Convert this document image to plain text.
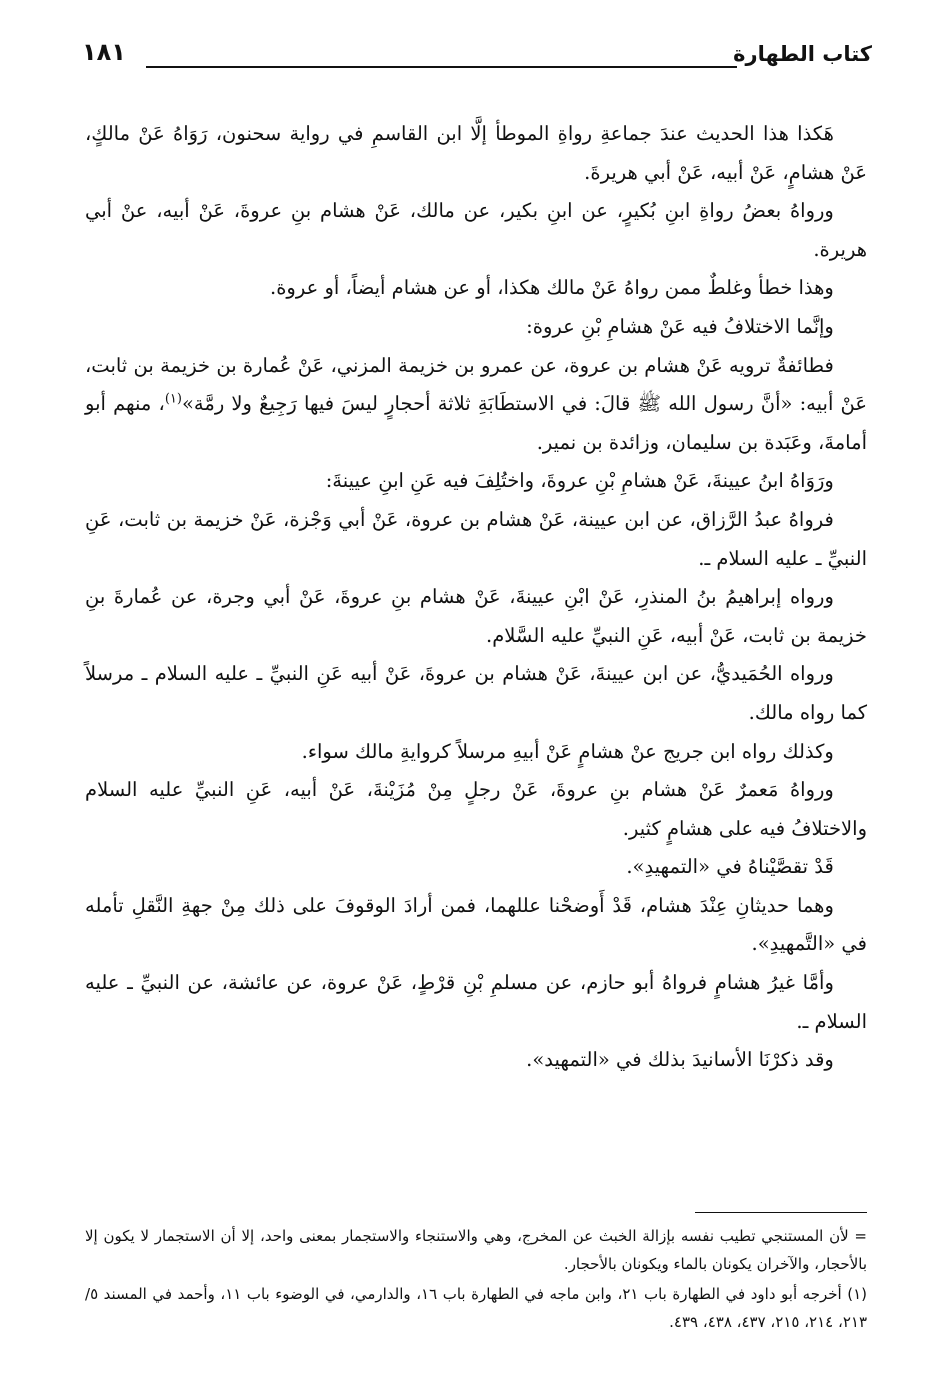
كتاب الطهارة
١٨١

هَكذا هذا الحديث عندَ جماعةِ رواةِ الموطأ إلَّا ابن القاسمِ في رواية سحنون، رَوَاهُ عَنْ مالكٍ، عَنْ هشامٍ، عَنْ أبيه، عَنْ أبي هريرةَ.

ورواهُ بعضُ رواةِ ابنِ بُكيرٍ، عن ابنِ بكير، عن مالك، عَنْ هشام بنِ عروةَ، عَنْ أبيه، عنْ أبي هريرة.

وهذا خطأ وغلطٌ ممن رواهُ عَنْ مالك هكذا، أو عن هشام أيضاً، أو عروة.

وإنَّما الاختلافُ فيه عَنْ هشامِ بْنِ عروة:

فطائفةٌ ترويه عَنْ هشام بن عروة، عن عمرو بن خزيمة المزني، عَنْ عُمارة بن خزيمة بن ثابت، عَنْ أبيه: «أنَّ رسول الله ﷺ قالَ: في الاستطَابَةِ ثلاثة أحجارٍ ليسَ فيها رَجِيعٌ ولا رمَّة»$^{(١)}$، منهم أبو أمامةَ، وعَبَدة بن سليمان، وزائدة بن نمير.

ورَوَاهُ ابنُ عيينةَ، عَنْ هشامِ بْنِ عروةَ، واختُلِفَ فيه عَنِ ابنِ عيينةَ:

فرواهُ عبدُ الرَّزاق، عن ابن عيينة، عَنْ هشام بن عروة، عَنْ أبي وَجْزة، عَنْ خزيمة بن ثابت، عَنِ النبيِّ ـ عليه السلام ـ.

ورواه إبراهيمُ بنُ المنذرِ، عَنْ ابْنِ عيينةَ، عَنْ هشام بنِ عروةَ، عَنْ أبي وجرة، عن عُمارةَ بنِ خزيمة بن ثابت، عَنْ أبيه، عَنِ النبيِّ عليه السَّلام.

ورواه الحُمَيديُّ، عن ابن عيينةَ، عَنْ هشام بن عروةَ، عَنْ أبيه عَنِ النبيِّ ـ عليه السلام ـ مرسلاً كما رواه مالك.

وكذلك رواه ابن جريج عنْ هشامٍ عَنْ أبيهِ مرسلاً كروايةِ مالك سواء.

ورواهُ مَعمرٌ عَنْ هشام بنِ عروةَ، عَنْ رجلٍ مِنْ مُزَيْنةَ، عَنْ أبيه، عَنِ النبيِّ عليه السلام والاختلافُ فيه على هشامٍ كثير.

قَدْ تقصَّيْناهُ في «التمهيدِ».

وهما حديثانِ عِنْدَ هشام، قَدْ أَوضحْنا عللهما، فمن أرادَ الوقوفَ على ذلك مِنْ جهةِ النَّقلِ تأمله في «التَّمهيدِ».

وأمَّا غيرُ هشامٍ فرواهُ أبو حازم، عن مسلمِ بْنِ قرْطٍ، عَنْ عروة، عن عائشة، عن النبيِّ ـ عليه السلام ـ.

وقد ذكرْنَا الأسانيدَ بذلك في «التمهيد».

= لأن المستنجي تطيب نفسه بإزالة الخبث عن المخرج، وهي والاستنجاء والاستجمار بمعنى واحد، إلا أن الاستجمار لا يكون إلا بالأحجار، والآخران يكونان بالماء ويكونان بالأحجار.

(١) أخرجه أبو داود في الطهارة باب ٢١، وابن ماجه في الطهارة باب ١٦، والدارمي، في الوضوء باب ١١، وأحمد في المسند ٥/ ٢١٣، ٢١٤، ٢١٥، ٤٣٧، ٤٣٨، ٤٣٩.
